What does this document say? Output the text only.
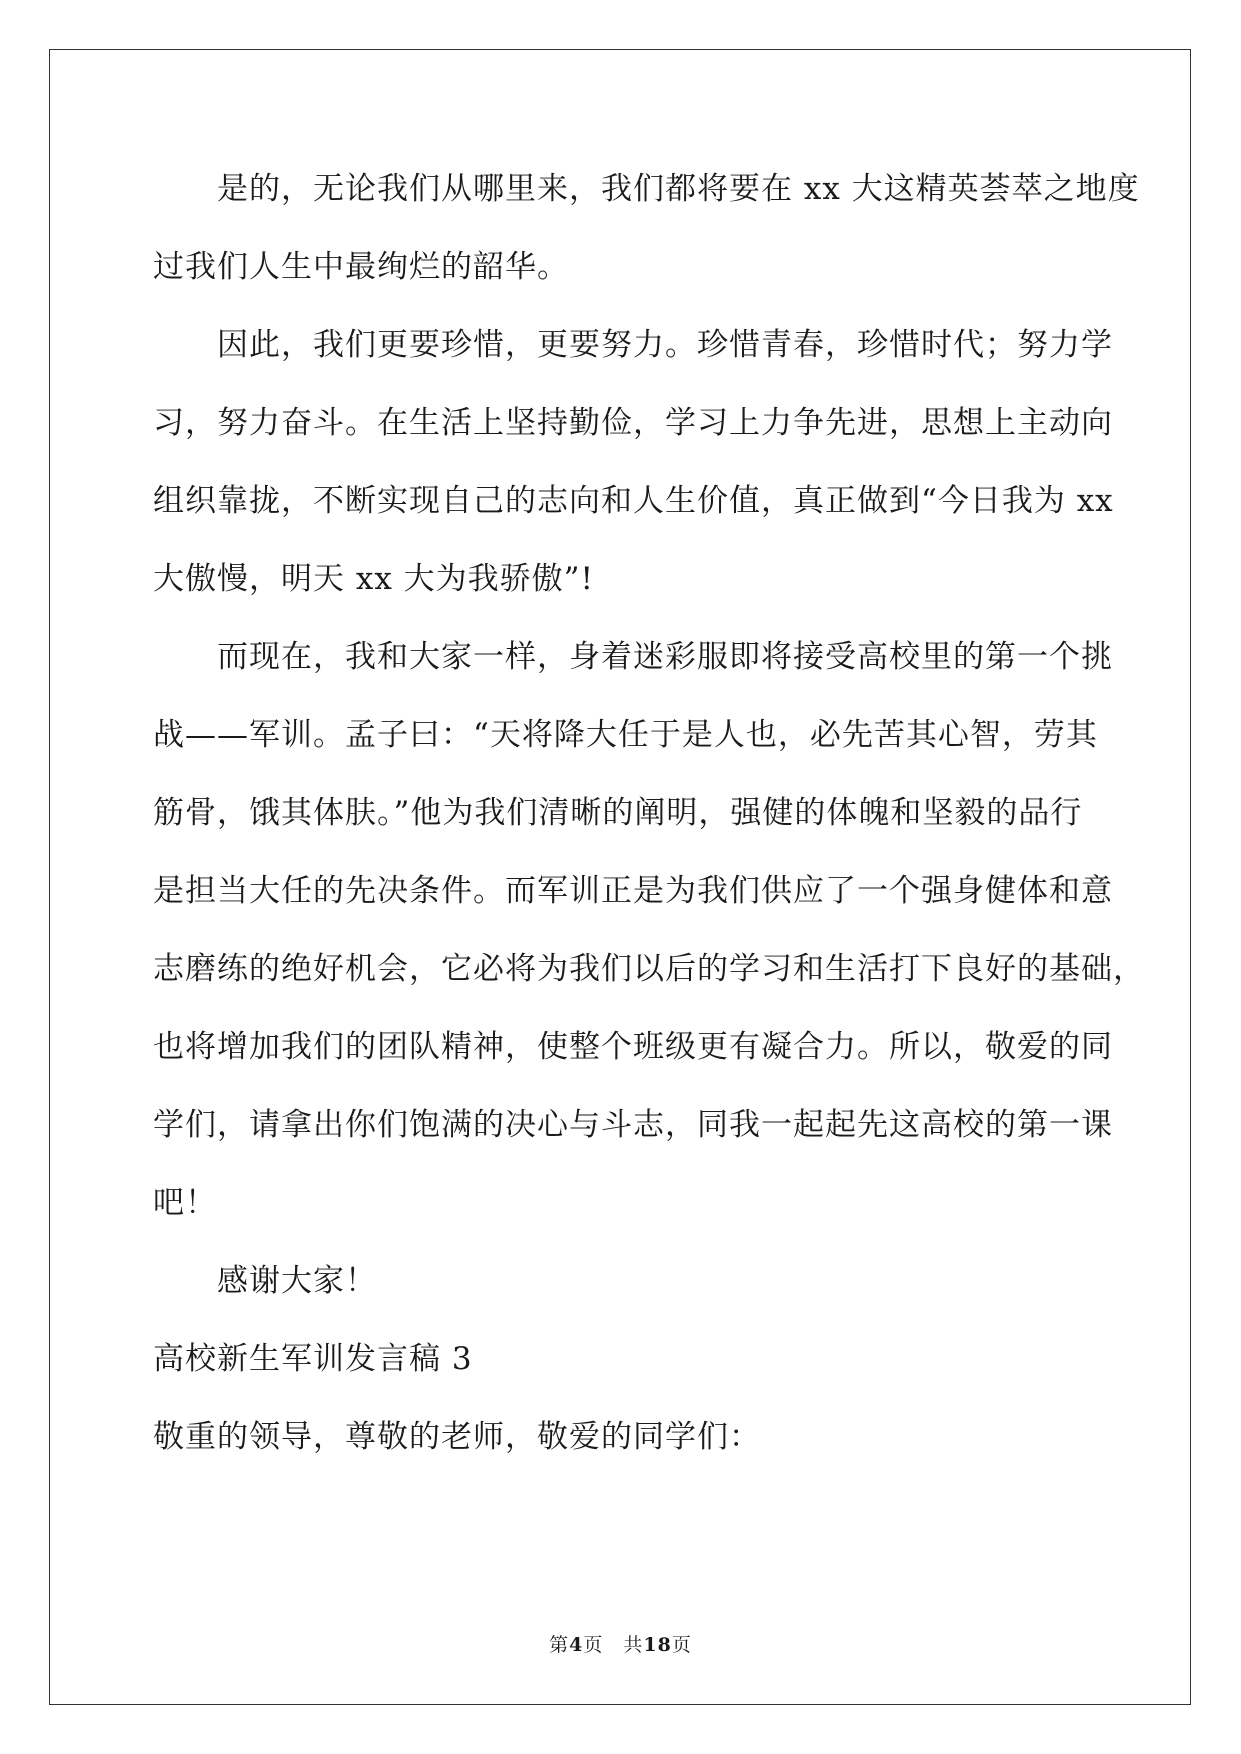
是的，无论我们从哪里来，我们都将要在 xx 大这精英荟萃之地度

过我们人生中最绚烂的韶华。

因此，我们更要珍惜，更要努力。珍惜青春，珍惜时代；努力学

习，努力奋斗。在生活上坚持勤俭，学习上力争先进，思想上主动向

组织靠拢，不断实现自己的志向和人生价值，真正做到“今日我为 xx

大傲慢，明天 xx 大为我骄傲”!

而现在，我和大家一样，身着迷彩服即将接受高校里的第一个挑

战——军训。孟子曰：“天将降大任于是人也，必先苦其心智，劳其

筋骨，饿其体肤。”他为我们清晰的阐明，强健的体魄和坚毅的品行

是担当大任的先决条件。而军训正是为我们供应了一个强身健体和意

志磨练的绝好机会，它必将为我们以后的学习和生活打下良好的基础，

也将增加我们的团队精神，使整个班级更有凝合力。所以，敬爱的同

学们，请拿出你们饱满的决心与斗志，同我一起起先这高校的第一课

吧！

感谢大家！

高校新生军训发言稿 3

敬重的领导，尊敬的老师，敬爱的同学们：

第4页　共18页
